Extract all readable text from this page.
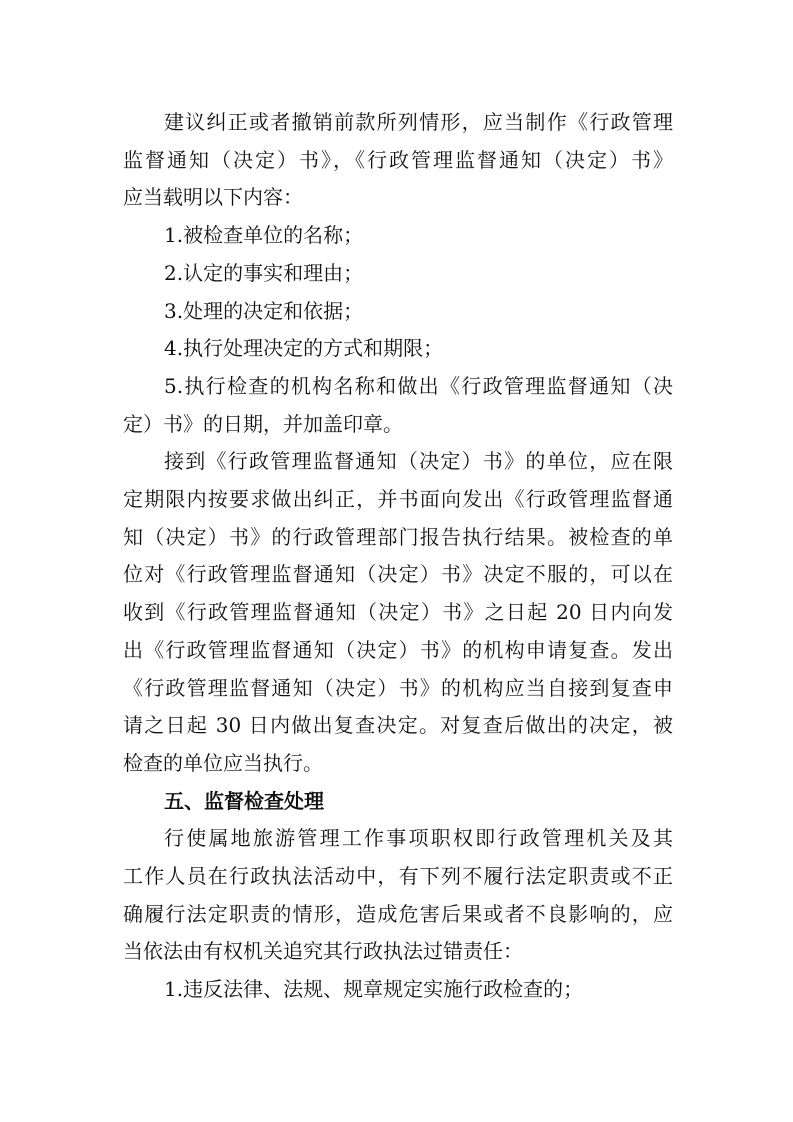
建议纠正或者撤销前款所列情形，应当制作《行政管理
监督通知（决定）书》，《行政管理监督通知（决定）书》
应当载明以下内容：

1.被检查单位的名称；

2.认定的事实和理由；

3.处理的决定和依据；

4.执行处理决定的方式和期限；

5.执行检查的机构名称和做出《行政管理监督通知（决
定）书》的日期，并加盖印章。

接到《行政管理监督通知（决定）书》的单位，应在限
定期限内按要求做出纠正，并书面向发出《行政管理监督通
知（决定）书》的行政管理部门报告执行结果。被检查的单
位对《行政管理监督通知（决定）书》决定不服的，可以在
收到《行政管理监督通知（决定）书》之日起 20 日内向发
出《行政管理监督通知（决定）书》的机构申请复查。发出
《行政管理监督通知（决定）书》的机构应当自接到复查申
请之日起 30 日内做出复查决定。对复查后做出的决定，被
检查的单位应当执行。

五、监督检查处理

行使属地旅游管理工作事项职权即行政管理机关及其
工作人员在行政执法活动中，有下列不履行法定职责或不正
确履行法定职责的情形，造成危害后果或者不良影响的，应
当依法由有权机关追究其行政执法过错责任：

1.违反法律、法规、规章规定实施行政检查的；
